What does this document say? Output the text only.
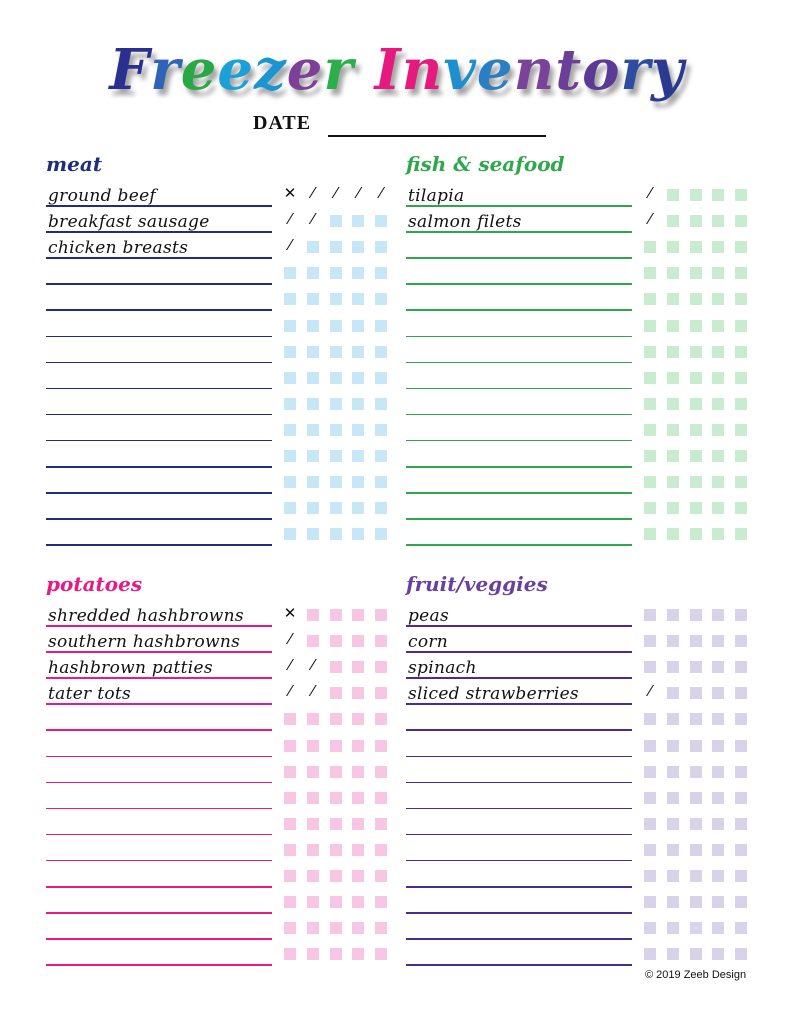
Freezer Inventory
DATE
meat
ground beef	✕	⁄	⁄	⁄	⁄
breakfast sausage	⁄	⁄
chicken breasts	⁄
fish & seafood
tilapia	⁄
salmon filets	⁄
potatoes
shredded hashbrowns	✕
southern hashbrowns	⁄
hashbrown patties	⁄	⁄
tater tots	⁄	⁄
fruit/veggies
peas
corn
spinach
sliced strawberries	⁄
© 2019 Zeeb Design
